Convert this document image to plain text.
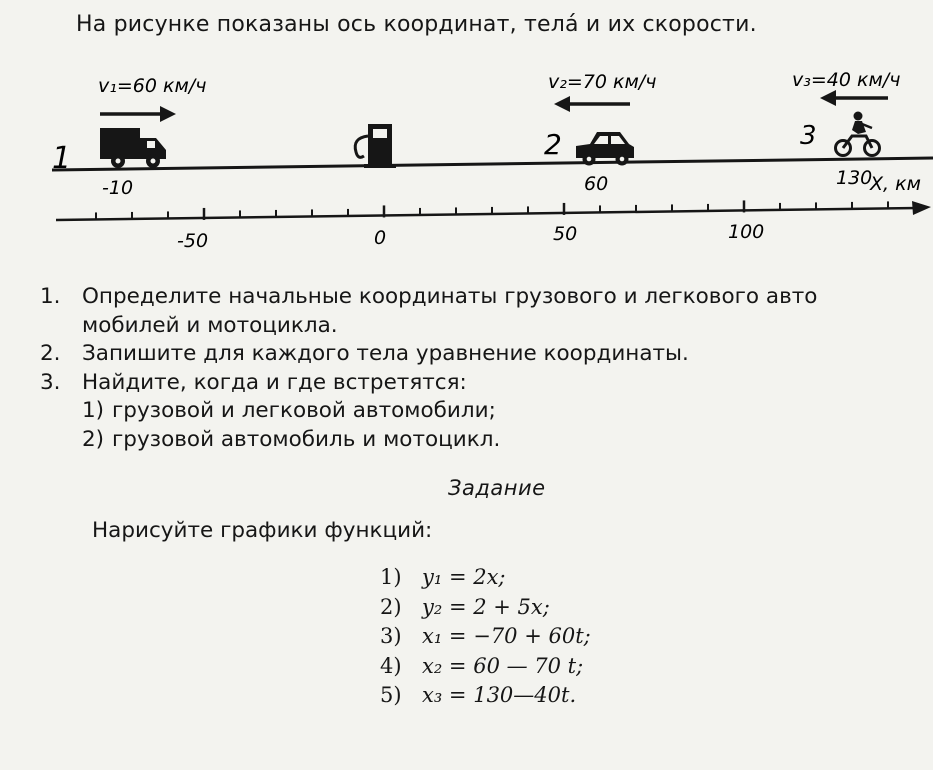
На рисунке показаны ось координат, тела́ и их скорости.
1
v₁=60 км/ч	v₂=70 км/ч	v₃=40 км/ч
2	3
-10	60	130
X, км
-50	0	50	100
1. Определите начальные координаты грузового и легкового авто
мобилей и мотоцикла.
2. Запишите для каждого тела уравнение координаты.
3. Найдите, когда и где встретятся:
1) грузовой и легковой автомобили;
2) грузовой автомобиль и мотоцикл.
Задание
Нарисуйте графики функций:
1) y₁ = 2x;
2) y₂ = 2 + 5x;
3) x₁ = −70 + 60t;
4) x₂ = 60 — 70 t;
5) x₃ = 130—40t.
